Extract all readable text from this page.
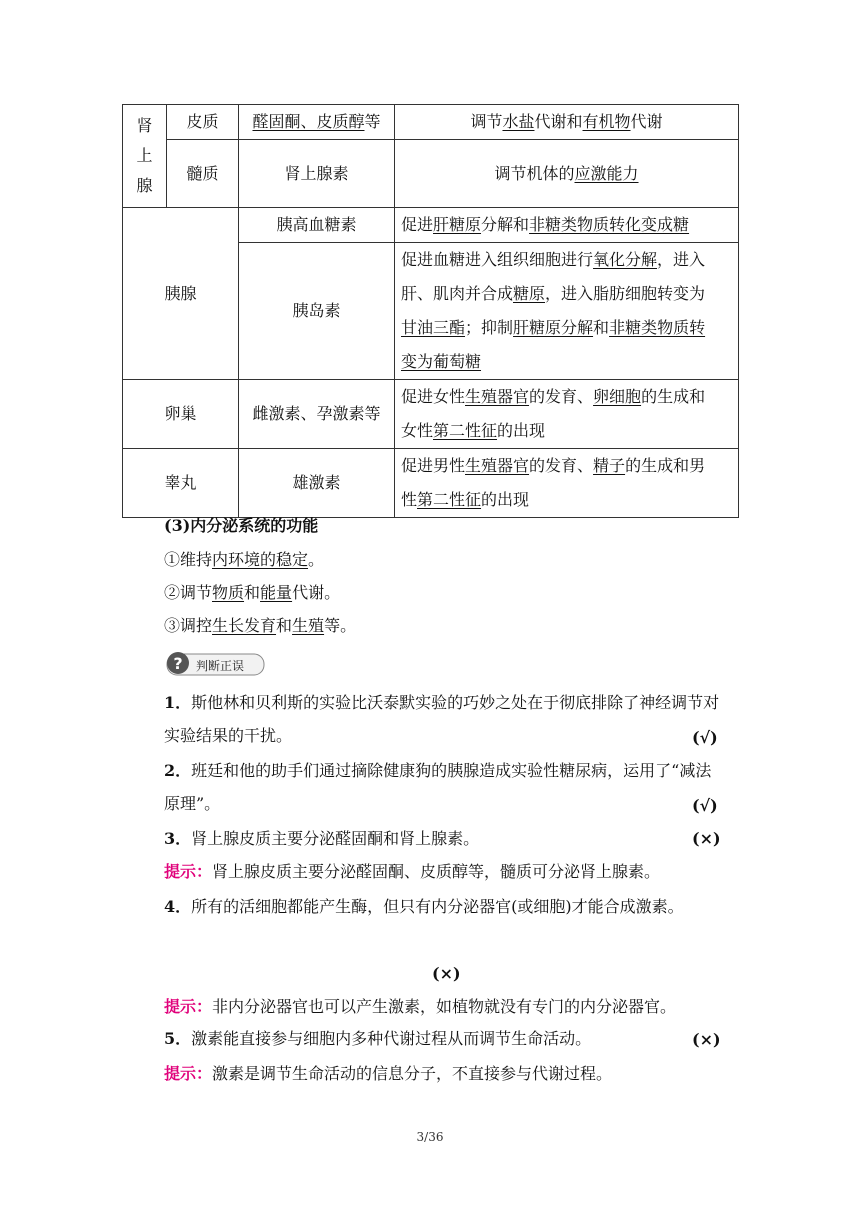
肾
上
腺	皮质	醛固酮、皮质醇等	调节水盐代谢和有机物代谢
	髓质	肾上腺素	调节机体的应激能力
胰腺		胰高血糖素	促进肝糖原分解和非糖类物质转化变成糖
		胰岛素	促进血糖进入组织细胞进行氧化分解，进入
肝、肌肉并合成糖原，进入脂肪细胞转变为
甘油三酯；抑制肝糖原分解和非糖类物质转
变为葡萄糖

卵巢		雌激素、孕激素等	促进女性生殖器官的发育、卵细胞的生成和
女性第二性征的出现

睾丸		雄激素	促进男性生殖器官的发育、精子的生成和男
性第二性征的出现
(3)内分泌系统的功能
①维持内环境的稳定。
②调节物质和能量代谢。
③调控生长发育和生殖等。
? 判断正误
1．斯他林和贝利斯的实验比沃泰默实验的巧妙之处在于彻底排除了神经调节对实验结果的干扰。	(√)
2．班廷和他的助手们通过摘除健康狗的胰腺造成实验性糖尿病，运用了“减法原理”。	(√)
3．肾上腺皮质主要分泌醛固酮和肾上腺素。	(×)
提示：肾上腺皮质主要分泌醛固酮、皮质醇等，髓质可分泌肾上腺素。
4．所有的活细胞都能产生酶，但只有内分泌器官(或细胞)才能合成激素。
(×)
提示：非内分泌器官也可以产生激素，如植物就没有专门的内分泌器官。
5．激素能直接参与细胞内多种代谢过程从而调节生命活动。	(×)
提示：激素是调节生命活动的信息分子，不直接参与代谢过程。
3/36
